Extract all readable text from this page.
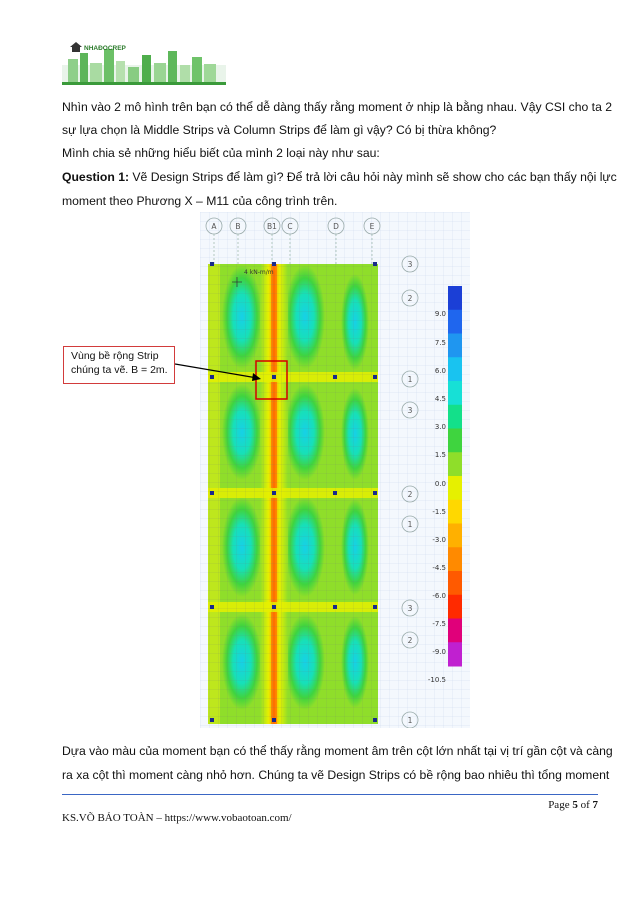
NHAĐOCREP
Nhìn vào 2 mô hình trên bạn có thể dễ dàng thấy rằng moment ở nhịp là bằng nhau. Vậy CSI cho ta 2
sự lựa chọn là Middle Strips và Column Strips để làm gì vậy? Có bị thừa không?
Mình chia sẻ những hiểu biết của mình 2 loại này như sau:
Question 1: Vẽ Design Strips để làm gì? Để trả lời câu hỏi này mình sẽ show cho các bạn thấy nội lực
moment theo Phương X – M11 của công trình trên.
A	B	B1 C	D	E
3
2
1
3
2
1
3
2
1
4 kN-m/m
9.0
7.5
6.0
4.5
3.0
1.5
0.0
-1.5
-3.0
-4.5
-6.0
-7.5
-9.0
-10.5
Vùng bề rộng Strip
chúng ta vẽ. B = 2m.
Dựa vào màu của moment bạn có thể thấy rằng moment âm trên cột lớn nhất tại vị trí gần cột và càng
ra xa cột thì moment càng nhỏ hơn. Chúng ta vẽ Design Strips có bề rộng bao nhiêu thì tổng moment
Page 5 of 7
KS.VÕ BẢO TOÀN – https://www.vobaotoan.com/
